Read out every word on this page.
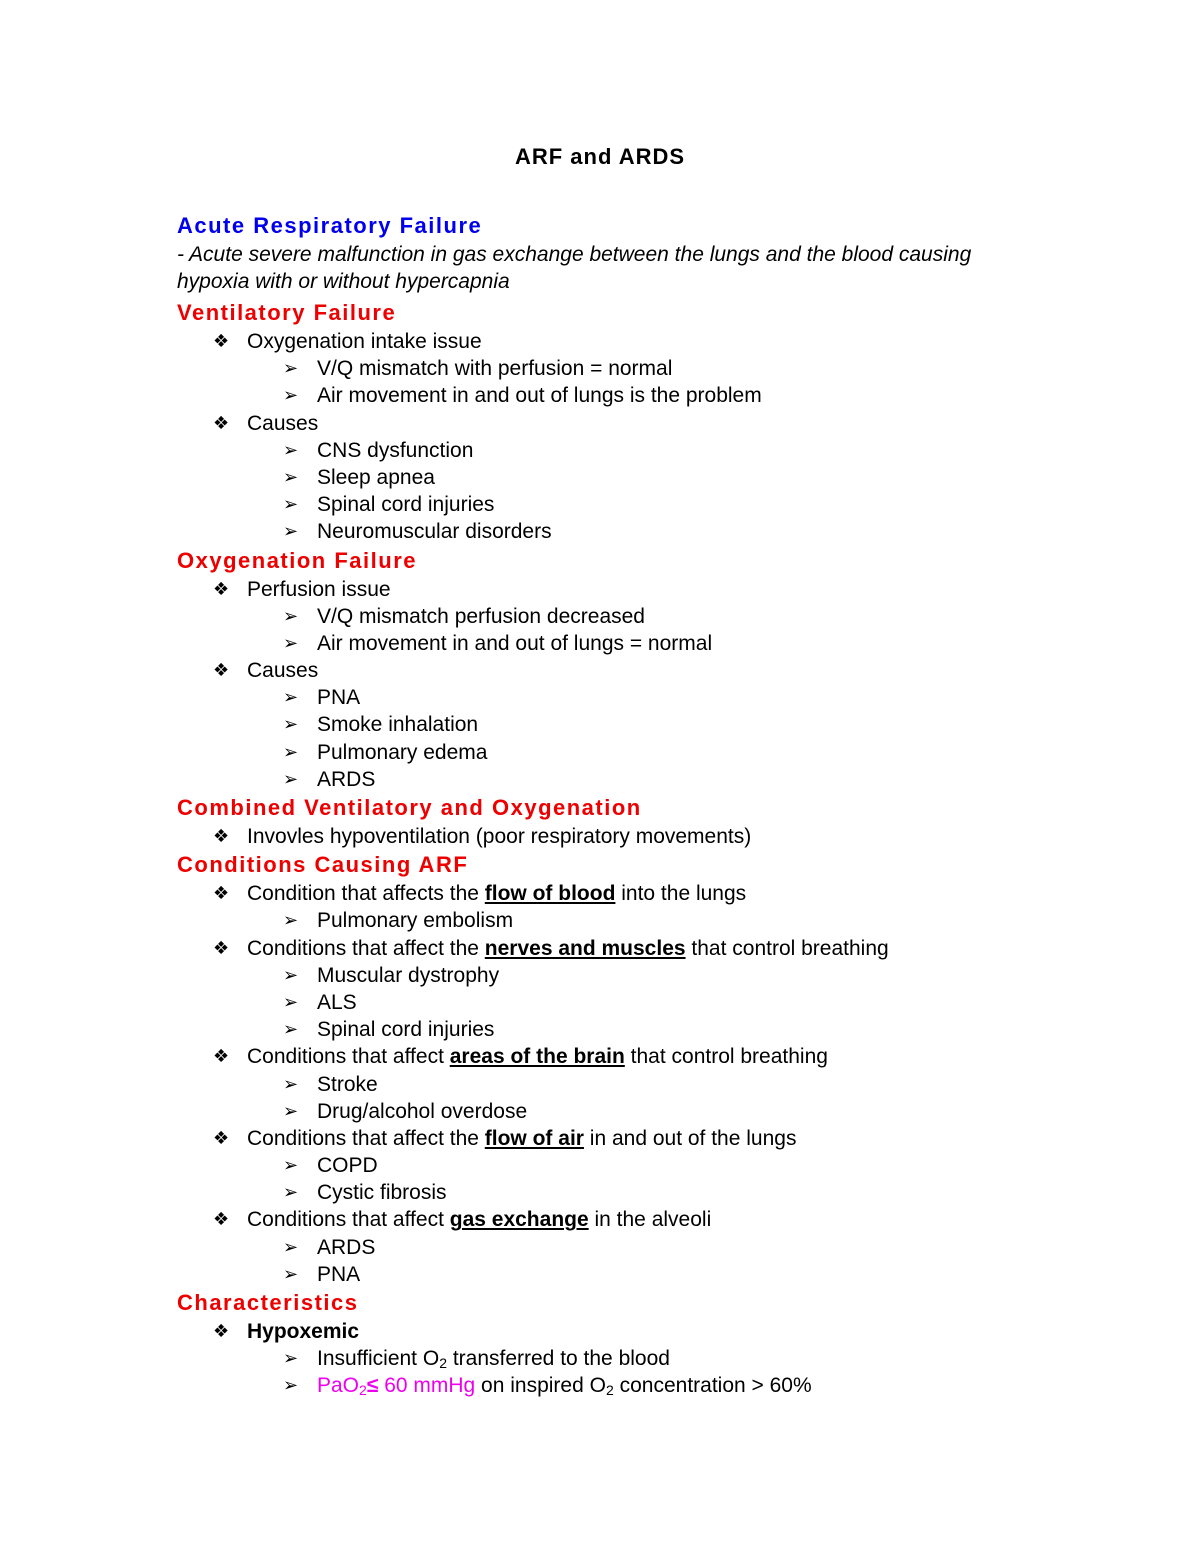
ARF and ARDS
Acute Respiratory Failure
- Acute severe malfunction in gas exchange between the lungs and the blood causing hypoxia with or without hypercapnia
Ventilatory Failure
❖ Oxygenation intake issue
➢ V/Q mismatch with perfusion = normal
➢ Air movement in and out of lungs is the problem
❖ Causes
➢ CNS dysfunction
➢ Sleep apnea
➢ Spinal cord injuries
➢ Neuromuscular disorders
Oxygenation Failure
❖ Perfusion issue
➢ V/Q mismatch perfusion decreased
➢ Air movement in and out of lungs = normal
❖ Causes
➢ PNA
➢ Smoke inhalation
➢ Pulmonary edema
➢ ARDS
Combined Ventilatory and Oxygenation
❖ Invovles hypoventilation (poor respiratory movements)
Conditions Causing ARF
❖ Condition that affects the flow of blood into the lungs
➢ Pulmonary embolism
❖ Conditions that affect the nerves and muscles that control breathing
➢ Muscular dystrophy
➢ ALS
➢ Spinal cord injuries
❖ Conditions that affect areas of the brain that control breathing
➢ Stroke
➢ Drug/alcohol overdose
❖ Conditions that affect the flow of air in and out of the lungs
➢ COPD
➢ Cystic fibrosis
❖ Conditions that affect gas exchange in the alveoli
➢ ARDS
➢ PNA
Characteristics
❖ Hypoxemic
➢ Insufficient $O_2$ transferred to the blood
➢ PaO$_2$≤ 60 mmHg on inspired $O_2$ concentration > 60%
